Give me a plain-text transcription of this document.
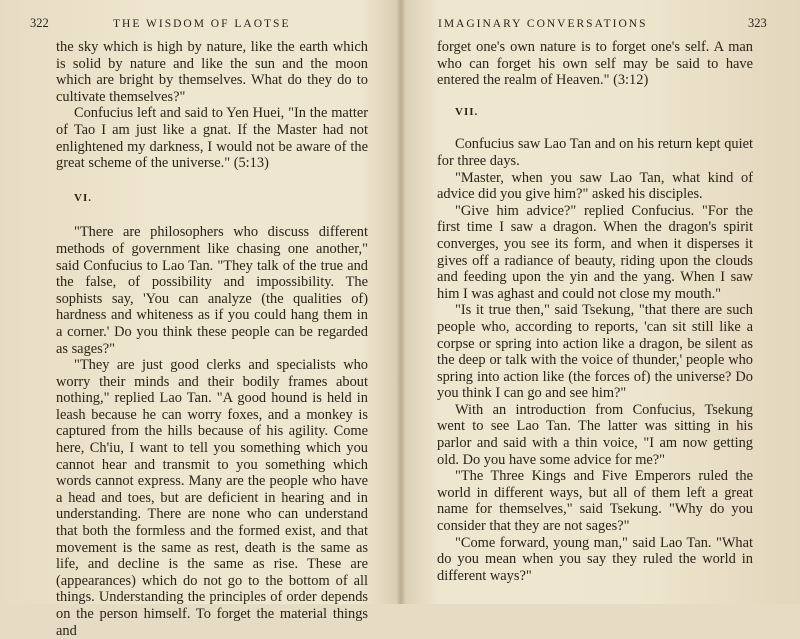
322	THE WISDOM OF LAOTSE

the sky which is high by nature, like the earth which is solid by nature and like the sun and the moon which are bright by themselves. What do they do to cultivate themselves?"

Confucius left and said to Yen Huei, "In the matter of Tao I am just like a gnat. If the Master had not enlightened my darkness, I would not be aware of the great scheme of the universe." (5:13)

VI.

"There are philosophers who discuss different methods of government like chasing one another," said Confucius to Lao Tan. "They talk of the true and the false, of possibility and impossibility. The sophists say, 'You can analyze (the qualities of) hardness and whiteness as if you could hang them in a corner.' Do you think these people can be regarded as sages?"

"They are just good clerks and specialists who worry their minds and their bodily frames about nothing," replied Lao Tan. "A good hound is held in leash because he can worry foxes, and a monkey is captured from the hills because of his agility. Come here, Ch'iu, I want to tell you something which you cannot hear and transmit to you something which words cannot express. Many are the people who have a head and toes, but are deficient in hearing and in understanding. There are none who can understand that both the formless and the formed exist, and that movement is the same as rest, death is the same as life, and decline is the same as rise. These are (appearances) which do not go to the bottom of all things. Understanding the principles of order depends on the person himself. To forget the material things and

IMAGINARY CONVERSATIONS	323

forget one's own nature is to forget one's self. A man who can forget his own self may be said to have entered the realm of Heaven." (3:12)

VII.

Confucius saw Lao Tan and on his return kept quiet for three days.

"Master, when you saw Lao Tan, what kind of advice did you give him?" asked his disciples.

"Give him advice?" replied Confucius. "For the first time I saw a dragon. When the dragon's spirit converges, you see its form, and when it disperses it gives off a radiance of beauty, riding upon the clouds and feeding upon the yin and the yang. When I saw him I was aghast and could not close my mouth."

"Is it true then," said Tsekung, "that there are such people who, according to reports, 'can sit still like a corpse or spring into action like a dragon, be silent as the deep or talk with the voice of thunder,' people who spring into action like (the forces of) the universe? Do you think I can go and see him?"

With an introduction from Confucius, Tsekung went to see Lao Tan. The latter was sitting in his parlor and said with a thin voice, "I am now getting old. Do you have some advice for me?"

"The Three Kings and Five Emperors ruled the world in different ways, but all of them left a great name for themselves," said Tsekung. "Why do you consider that they are not sages?"

"Come forward, young man," said Lao Tan. "What do you mean when you say they ruled the world in different ways?"
